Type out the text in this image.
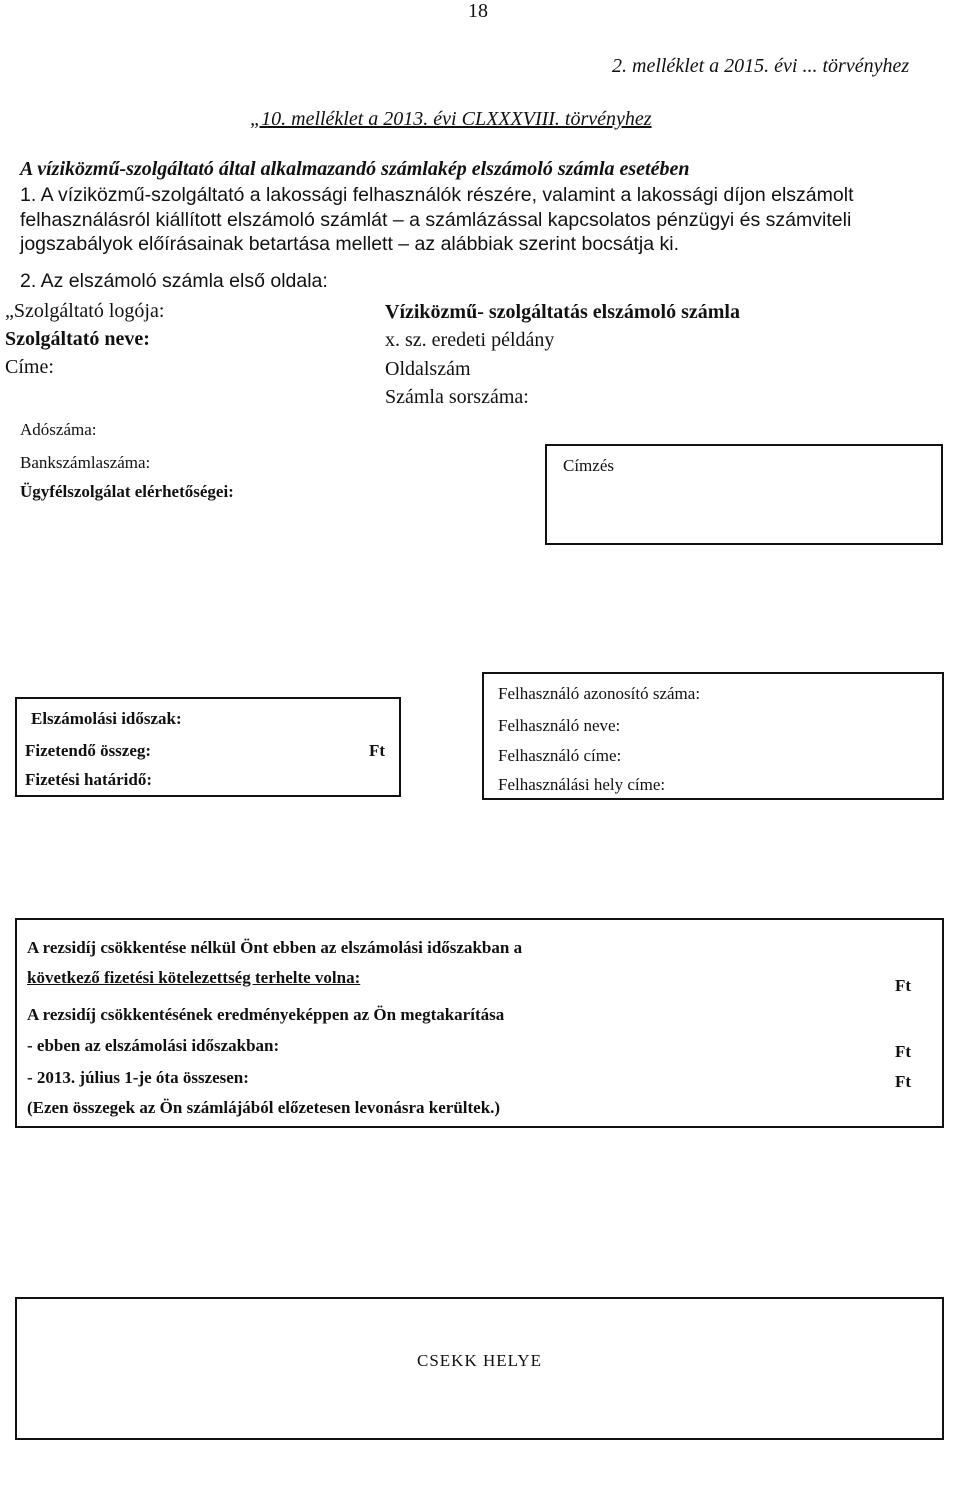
18
2. melléklet a 2015. évi ... törvényhez
„10. melléklet a 2013. évi CLXXXVIII. törvényhez
A víziközmű-szolgáltató által alkalmazandó számlakép elszámoló számla esetében
1. A víziközmű-szolgáltató a lakossági felhasználók részére, valamint a lakossági díjon elszámolt
felhasználásról kiállított elszámoló számlát – a számlázással kapcsolatos pénzügyi és számviteli
jogszabályok előírásainak betartása mellett – az alábbiak szerint bocsátja ki.
2. Az elszámoló számla első oldala:
„Szolgáltató logója:
Szolgáltató neve:
Címe:
Adószáma:
Bankszámlaszáma:
Ügyfélszolgálat elérhetőségei:
Víziközmű- szolgáltatás elszámoló számla
x. sz. eredeti példány
Oldalszám
Számla sorszáma:
Címzés
Elszámolási időszak:
Fizetendő összeg:	Ft
Fizetési határidő:
Felhasználó azonosító száma:
Felhasználó neve:
Felhasználó címe:
Felhasználási hely címe:
A rezsidíj csökkentése nélkül Önt ebben az elszámolási időszakban a
következő fizetési kötelezettség terhelte volna:	Ft
A rezsidíj csökkentésének eredményeképpen az Ön megtakarítása
- ebben az elszámolási időszakban:	Ft
- 2013. július 1-je óta összesen:	Ft
(Ezen összegek az Ön számlájából előzetesen levonásra kerültek.)
CSEKK HELYE
